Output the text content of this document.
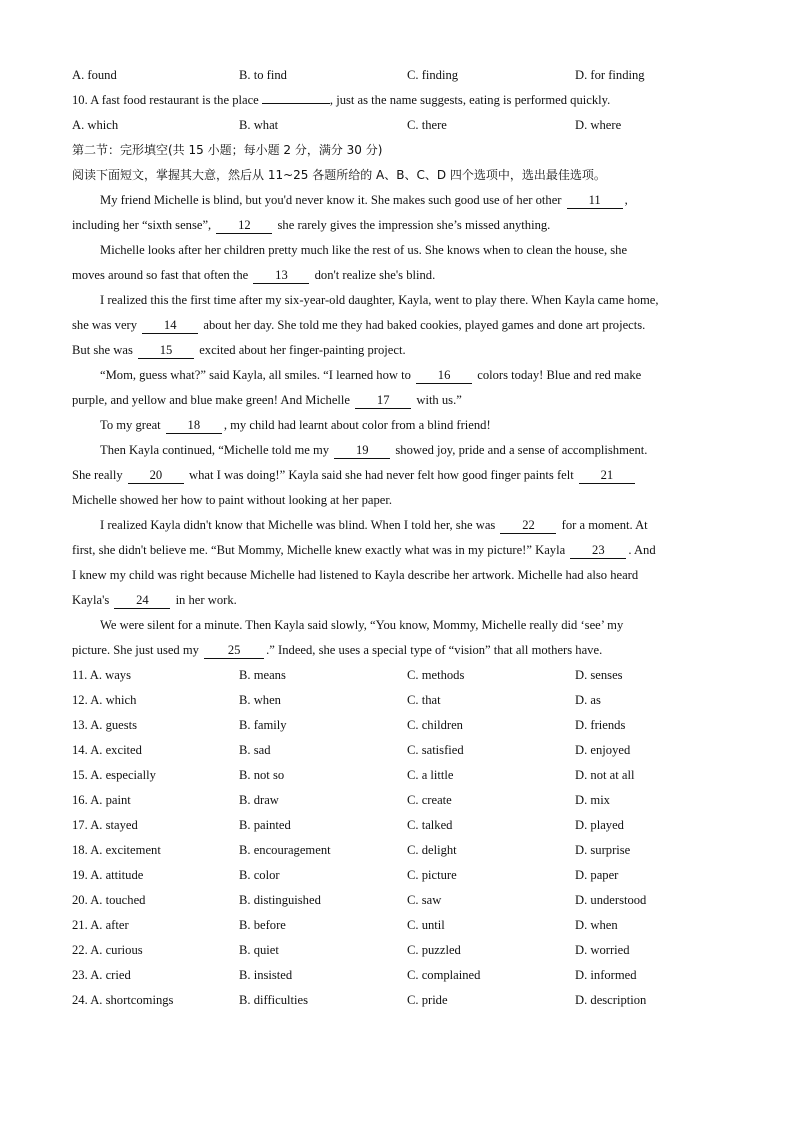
A. found	B. to find	C. finding	D. for finding
10. A fast food restaurant is the place	, just as the name suggests, eating is performed quickly.
A. which	B. what	C. there	D. where
第二节：完形填空(共 15 小题；每小题 2 分，满分 30 分)
阅读下面短文，掌握其大意，然后从 11~25 各题所给的 A、B、C、D 四个选项中，选出最佳选项。
My friend Michelle is blind, but you'd never know it. She makes such good use of her other 11 ,
including her “sixth sense”, 12 she rarely gives the impression she’s missed anything.
Michelle looks after her children pretty much like the rest of us. She knows when to clean the house, she
moves around so fast that often the 13 don't realize she's blind.
I realized this the first time after my six-year-old daughter, Kayla, went to play there. When Kayla came home,
she was very 14 about her day. She told me they had baked cookies, played games and done art projects.
But she was 15 excited about her finger-painting project.
“Mom, guess what?” said Kayla, all smiles. “I learned how to 16 colors today! Blue and red make
purple, and yellow and blue make green! And Michelle 17 with us.”
To my great 18 , my child had learnt about color from a blind friend!
Then Kayla continued, “Michelle told me my 19 showed joy, pride and a sense of accomplishment.
She really 20 what I was doing!” Kayla said she had never felt how good finger paints felt 21
Michelle showed her how to paint without looking at her paper.
I realized Kayla didn't know that Michelle was blind. When I told her, she was 22 for a moment. At
first, she didn't believe me. “But Mommy, Michelle knew exactly what was in my picture!” Kayla 23 . And
I knew my child was right because Michelle had listened to Kayla describe her artwork. Michelle had also heard
Kayla's 24 in her work.
We were silent for a minute. Then Kayla said slowly, “You know, Mommy, Michelle really did ‘see’ my
picture. She just used my 25 .” Indeed, she uses a special type of “vision” that all mothers have.
11. A. ways	B. means	C. methods	D. senses
12. A. which	B. when	C. that	D. as
13. A. guests	B. family	C. children	D. friends
14. A. excited	B. sad	C. satisfied	D. enjoyed
15. A. especially	B. not so	C. a little	D. not at all
16. A. paint	B. draw	C. create	D. mix
17. A. stayed	B. painted	C. talked	D. played
18. A. excitement	B. encouragement	C. delight	D. surprise
19. A. attitude	B. color	C. picture	D. paper
20. A. touched	B. distinguished	C. saw	D. understood
21. A. after	B. before	C. until	D. when
22. A. curious	B. quiet	C. puzzled	D. worried
23. A. cried	B. insisted	C. complained	D. informed
24. A. shortcomings	B. difficulties	C. pride	D. description
